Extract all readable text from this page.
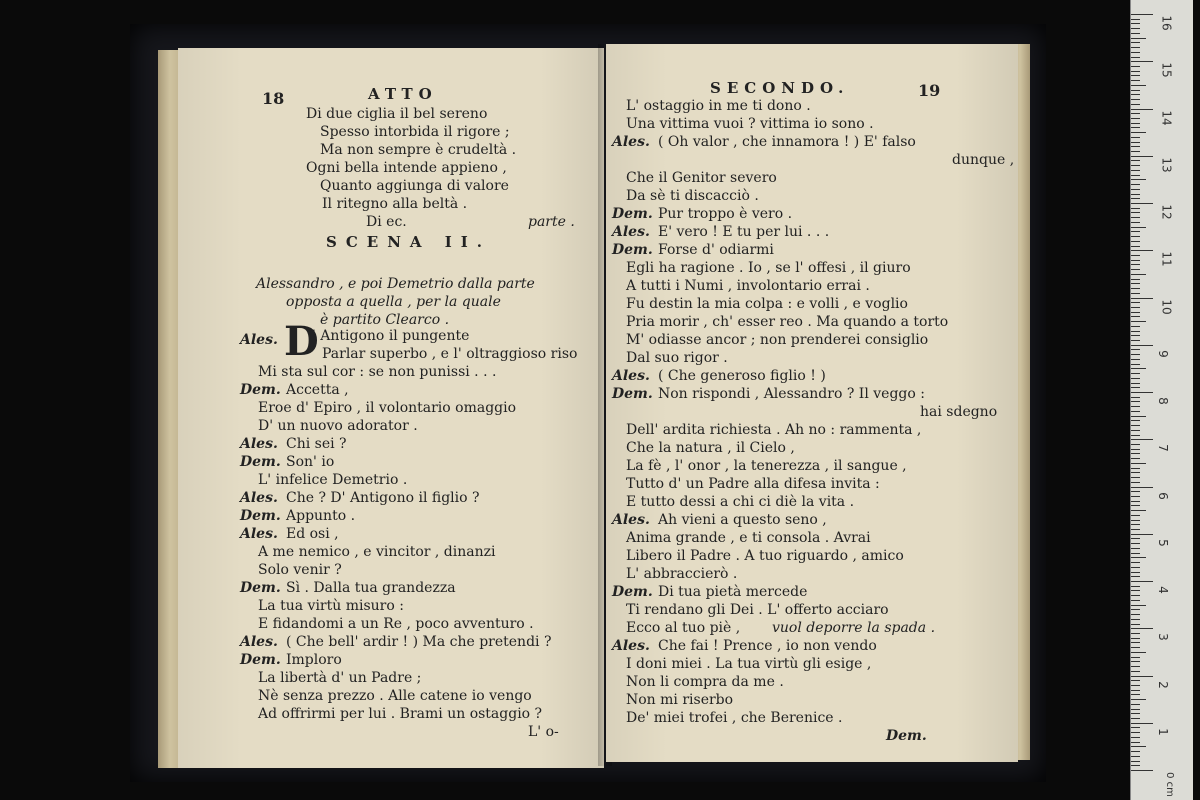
18	ATTO
SCENA II.
D
Di due ciglia il bel sereno
Spesso intorbida il rigore ;
Ma non sempre è crudeltà .
Ogni bella intende appieno ,
Quanto aggiunga di valore
Il ritegno alla beltà .
Di ec.	parte .
Alessandro , e poi Demetrio dalla parte
opposta a quella , per la quale
è partito Clearco .
Ales. ' Antigono il pungente
Parlar superbo , e l' oltraggioso riso
Mi sta sul cor : se non punissi . . .
Dem. Accetta ,
Eroe d' Epiro , il volontario omaggio
D' un nuovo adorator .
Ales. Chi sei ?
Dem. Son' io
L' infelice Demetrio .
Ales. Che ? D' Antigono il figlio ?
Dem. Appunto .
Ales. Ed osi ,
A me nemico , e vincitor , dinanzi
Solo venir ?
Dem. Sì . Dalla tua grandezza
La tua virtù misuro :
E fidandomi a un Re , poco avventuro .
Ales. ( Che bell' ardir ! ) Ma che pretendi ?
Dem. Imploro
La libertà d' un Padre ;
Nè senza prezzo . Alle catene io vengo
Ad offrirmi per lui . Brami un ostaggio ?
L' o-
SECONDO.	19
L' ostaggio in me ti dono .
Una vittima vuoi ? vittima io sono .
Ales. ( Oh valor , che innamora ! ) E' falso
dunque ,
Che il Genitor severo
Da sè ti discacciò .
Dem. Pur troppo è vero .
Ales. E' vero ! E tu per lui . . .
Dem. Forse d' odiarmi
Egli ha ragione . Io , se l' offesi , il giuro
A tutti i Numi , involontario errai .
Fu destin la mia colpa : e volli , e voglio
Pria morir , ch' esser reo . Ma quando a torto
M' odiasse ancor ; non prenderei consiglio
Dal suo rigor .
Ales. ( Che generoso figlio ! )
Dem. Non rispondi , Alessandro ? Il veggo :
hai sdegno
Dell' ardita richiesta . Ah no : rammenta ,
Che la natura , il Cielo ,
La fè , l' onor , la tenerezza , il sangue ,
Tutto d' un Padre alla difesa invita :
E tutto dessi a chi ci diè la vita .
Ales. Ah vieni a questo seno ,
Anima grande , e ti consola . Avrai
Libero il Padre . A tuo riguardo , amico
L' abbraccierò .
Dem. Di tua pietà mercede
Ti rendano gli Dei . L' offerto acciaro
Ecco al tuo piè , vuol deporre la spada .
Ales. Che fai ! Prence , io non vendo
I doni miei . La tua virtù gli esige ,
Non li compra da me .
Non mi riserbo
De' miei trofei , che Berenice .
Dem.
16
15
14
13
12
11
10
9
8
7
6
5
4
3
2
1
0 cm
